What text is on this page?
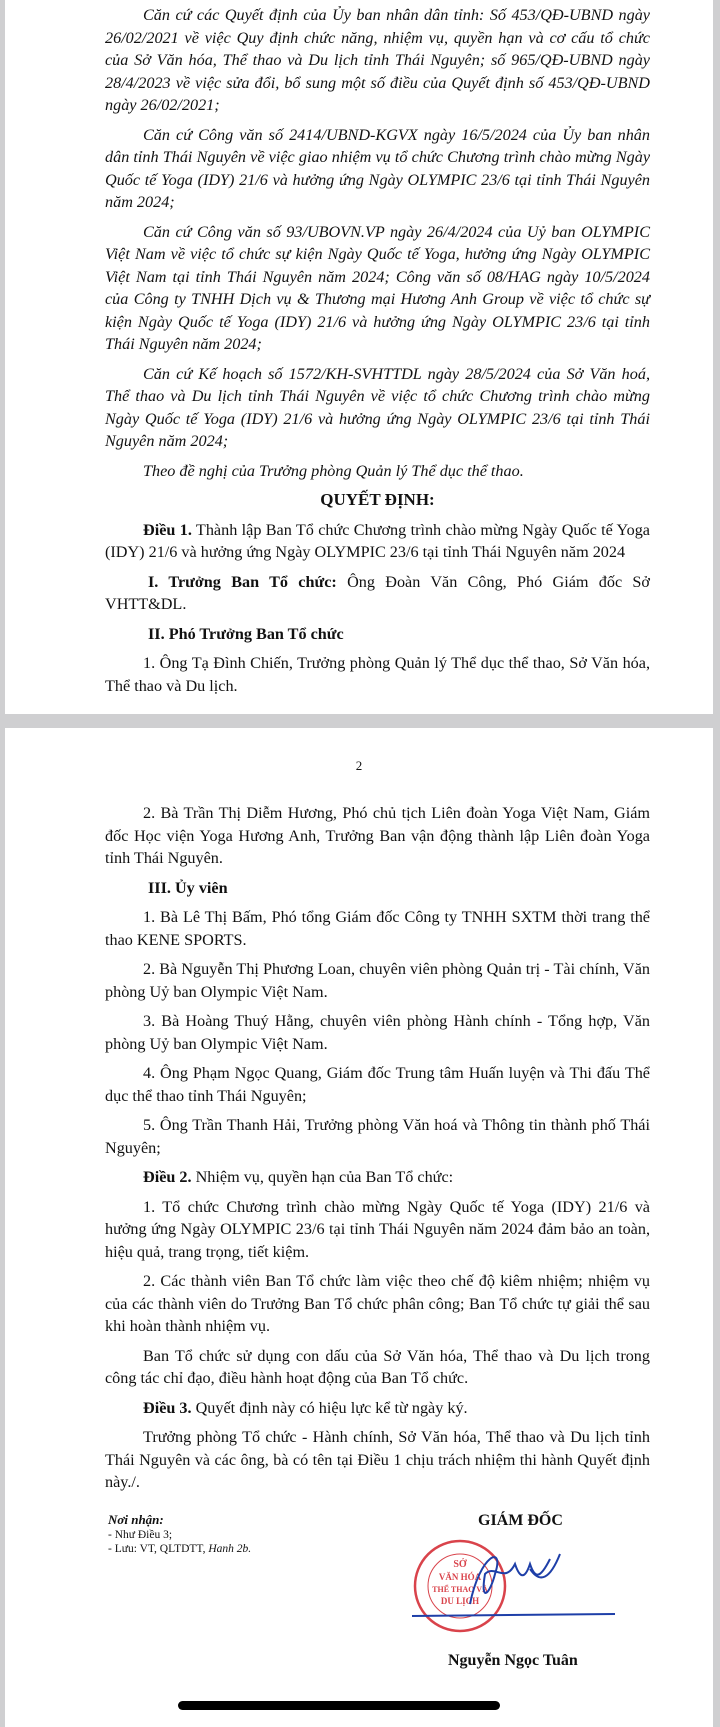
Căn cứ các Quyết định của Ủy ban nhân dân tỉnh: Số 453/QĐ-UBND ngày 26/02/2021 về việc Quy định chức năng, nhiệm vụ, quyền hạn và cơ cấu tổ chức của Sở Văn hóa, Thể thao và Du lịch tỉnh Thái Nguyên; số 965/QĐ-UBND ngày 28/4/2023 về việc sửa đổi, bổ sung một số điều của Quyết định số 453/QĐ-UBND ngày 26/02/2021;

Căn cứ Công văn số 2414/UBND-KGVX ngày 16/5/2024 của Ủy ban nhân dân tỉnh Thái Nguyên về việc giao nhiệm vụ tổ chức Chương trình chào mừng Ngày Quốc tế Yoga (IDY) 21/6 và hưởng ứng Ngày OLYMPIC 23/6 tại tỉnh Thái Nguyên năm 2024;

Căn cứ Công văn số 93/UBOVN.VP ngày 26/4/2024 của Uỷ ban OLYMPIC Việt Nam về việc tổ chức sự kiện Ngày Quốc tế Yoga, hưởng ứng Ngày OLYMPIC Việt Nam tại tỉnh Thái Nguyên năm 2024; Công văn số 08/HAG ngày 10/5/2024 của Công ty TNHH Dịch vụ & Thương mại Hương Anh Group về việc tổ chức sự kiện Ngày Quốc tế Yoga (IDY) 21/6 và hưởng ứng Ngày OLYMPIC 23/6 tại tỉnh Thái Nguyên năm 2024;

Căn cứ Kế hoạch số 1572/KH-SVHTTDL ngày 28/5/2024 của Sở Văn hoá, Thể thao và Du lịch tỉnh Thái Nguyên về việc tổ chức Chương trình chào mừng Ngày Quốc tế Yoga (IDY) 21/6 và hưởng ứng Ngày OLYMPIC 23/6 tại tỉnh Thái Nguyên năm 2024;

Theo đề nghị của Trưởng phòng Quản lý Thể dục thể thao.

QUYẾT ĐỊNH:

Điều 1. Thành lập Ban Tổ chức Chương trình chào mừng Ngày Quốc tế Yoga (IDY) 21/6 và hưởng ứng Ngày OLYMPIC 23/6 tại tỉnh Thái Nguyên năm 2024

I. Trưởng Ban Tổ chức: Ông Đoàn Văn Công, Phó Giám đốc Sở VHTT&DL.

II. Phó Trưởng Ban Tổ chức

1. Ông Tạ Đình Chiến, Trưởng phòng Quản lý Thể dục thể thao, Sở Văn hóa, Thể thao và Du lịch.

2

2. Bà Trần Thị Diễm Hương, Phó chủ tịch Liên đoàn Yoga Việt Nam, Giám đốc Học viện Yoga Hương Anh, Trưởng Ban vận động thành lập Liên đoàn Yoga tỉnh Thái Nguyên.

III. Ủy viên

1. Bà Lê Thị Bấm, Phó tổng Giám đốc Công ty TNHH SXTM thời trang thể thao KENE SPORTS.

2. Bà Nguyễn Thị Phương Loan, chuyên viên phòng Quản trị - Tài chính, Văn phòng Uỷ ban Olympic Việt Nam.

3. Bà Hoàng Thuý Hằng, chuyên viên phòng Hành chính - Tổng hợp, Văn phòng Uỷ ban Olympic Việt Nam.

4. Ông Phạm Ngọc Quang, Giám đốc Trung tâm Huấn luyện và Thi đấu Thể dục thể thao tỉnh Thái Nguyên;

5. Ông Trần Thanh Hải, Trưởng phòng Văn hoá và Thông tin thành phố Thái Nguyên;

Điều 2. Nhiệm vụ, quyền hạn của Ban Tổ chức:

1. Tổ chức Chương trình chào mừng Ngày Quốc tế Yoga (IDY) 21/6 và hưởng ứng Ngày OLYMPIC 23/6 tại tỉnh Thái Nguyên năm 2024 đảm bảo an toàn, hiệu quả, trang trọng, tiết kiệm.

2. Các thành viên Ban Tổ chức làm việc theo chế độ kiêm nhiệm; nhiệm vụ của các thành viên do Trưởng Ban Tổ chức phân công; Ban Tổ chức tự giải thể sau khi hoàn thành nhiệm vụ.

Ban Tổ chức sử dụng con dấu của Sở Văn hóa, Thể thao và Du lịch trong công tác chỉ đạo, điều hành hoạt động của Ban Tổ chức.

Điều 3. Quyết định này có hiệu lực kể từ ngày ký.

Trưởng phòng Tổ chức - Hành chính, Sở Văn hóa, Thể thao và Du lịch tỉnh Thái Nguyên và các ông, bà có tên tại Điều 1 chịu trách nhiệm thi hành Quyết định này./.

Nơi nhận:
- Như Điều 3;
- Lưu: VT, QLTDTT, Hanh 2b.
GIÁM ĐỐC
SỞ
VĂN HÓA
THỂ THAO VÀ
DU LỊCH
Nguyễn Ngọc Tuân
